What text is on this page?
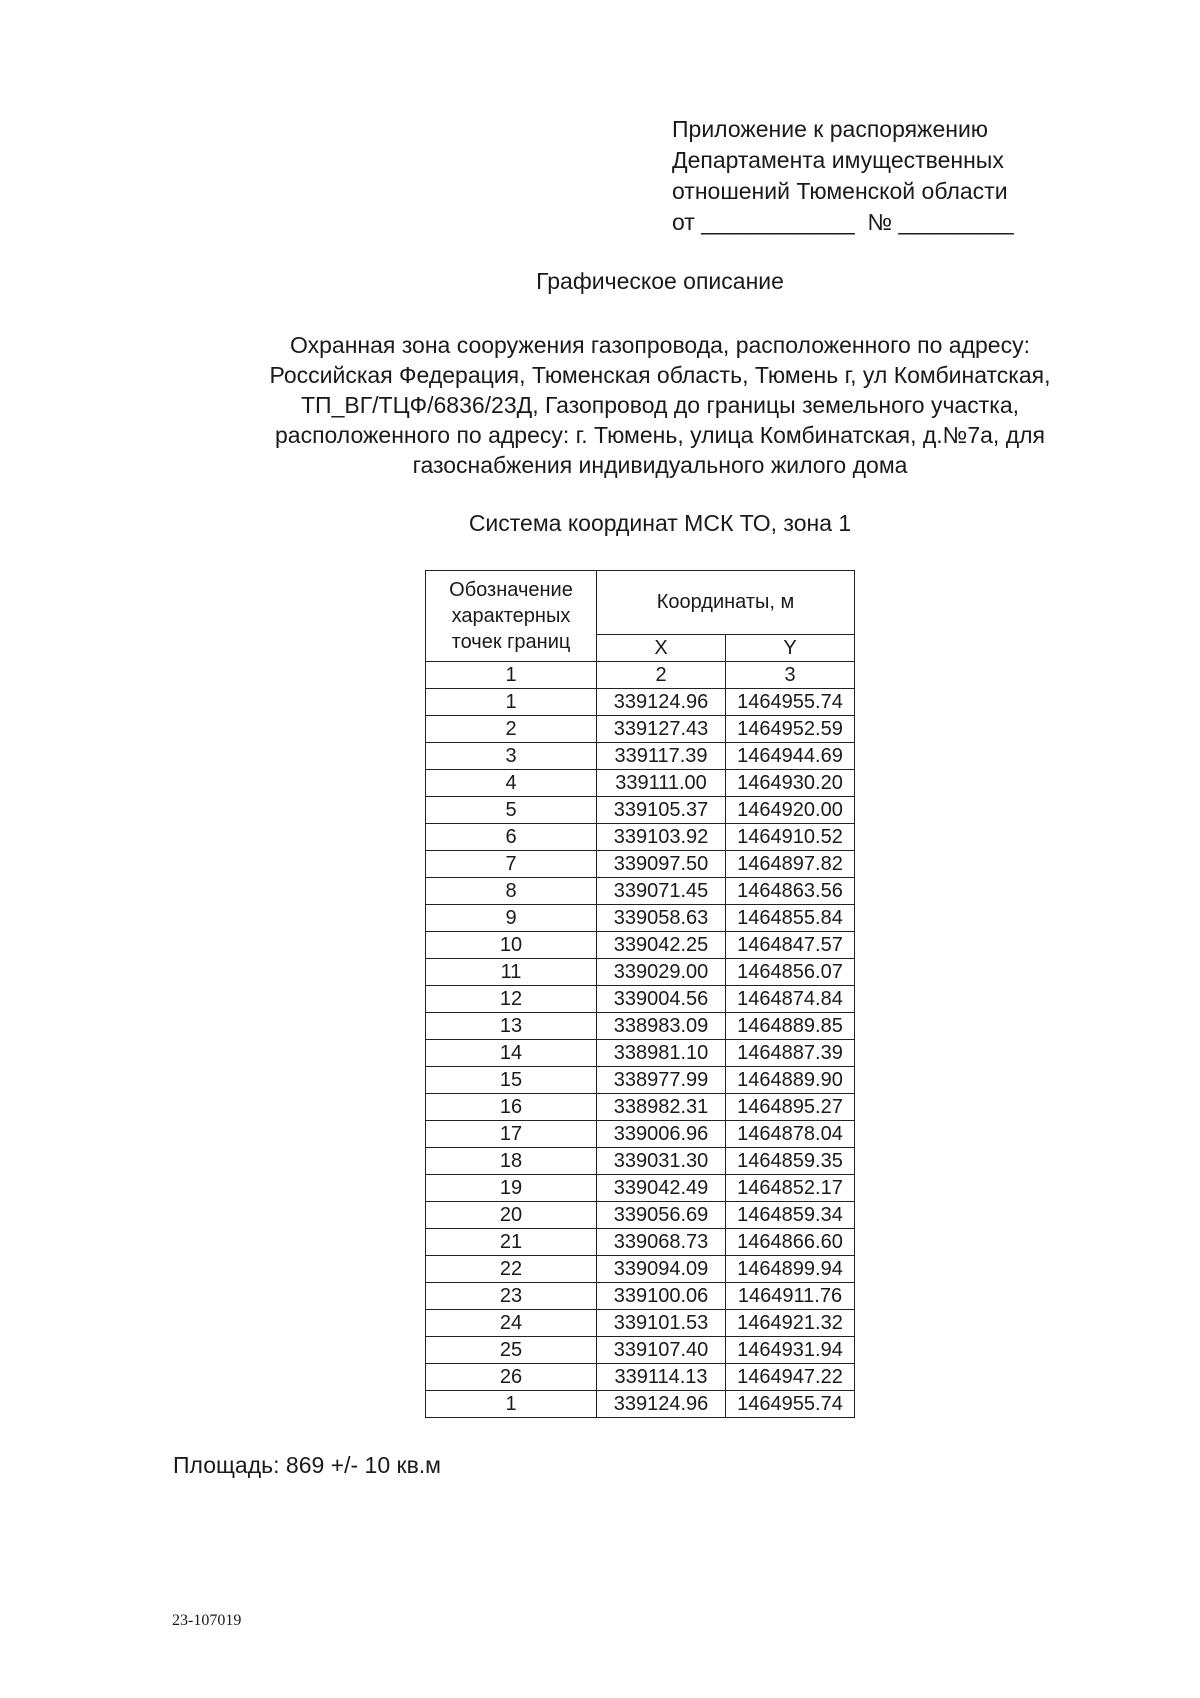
Приложение к распоряжению
Департамента имущественных
отношений Тюменской области
от ____________  № _________
Графическое описание
Охранная зона сооружения газопровода, расположенного по адресу:
Российская Федерация, Тюменская область, Тюмень г, ул Комбинатская,
ТП_ВГ/ТЦФ/6836/23Д, Газопровод до границы земельного участка,
расположенного по адресу: г. Тюмень, улица Комбинатская, д.№7а, для
газоснабжения индивидуального жилого дома
Система координат МСК ТО, зона 1
Обозначение
характерных
точек границ	Координаты, м	
	X	Y
1	2	3
1	339124.96	1464955.74
2	339127.43	1464952.59
3	339117.39	1464944.69
4	339111.00	1464930.20
5	339105.37	1464920.00
6	339103.92	1464910.52
7	339097.50	1464897.82
8	339071.45	1464863.56
9	339058.63	1464855.84
10	339042.25	1464847.57
11	339029.00	1464856.07
12	339004.56	1464874.84
13	338983.09	1464889.85
14	338981.10	1464887.39
15	338977.99	1464889.90
16	338982.31	1464895.27
17	339006.96	1464878.04
18	339031.30	1464859.35
19	339042.49	1464852.17
20	339056.69	1464859.34
21	339068.73	1464866.60
22	339094.09	1464899.94
23	339100.06	1464911.76
24	339101.53	1464921.32
25	339107.40	1464931.94
26	339114.13	1464947.22
1	339124.96	1464955.74
Площадь: 869 +/- 10 кв.м
23-107019
